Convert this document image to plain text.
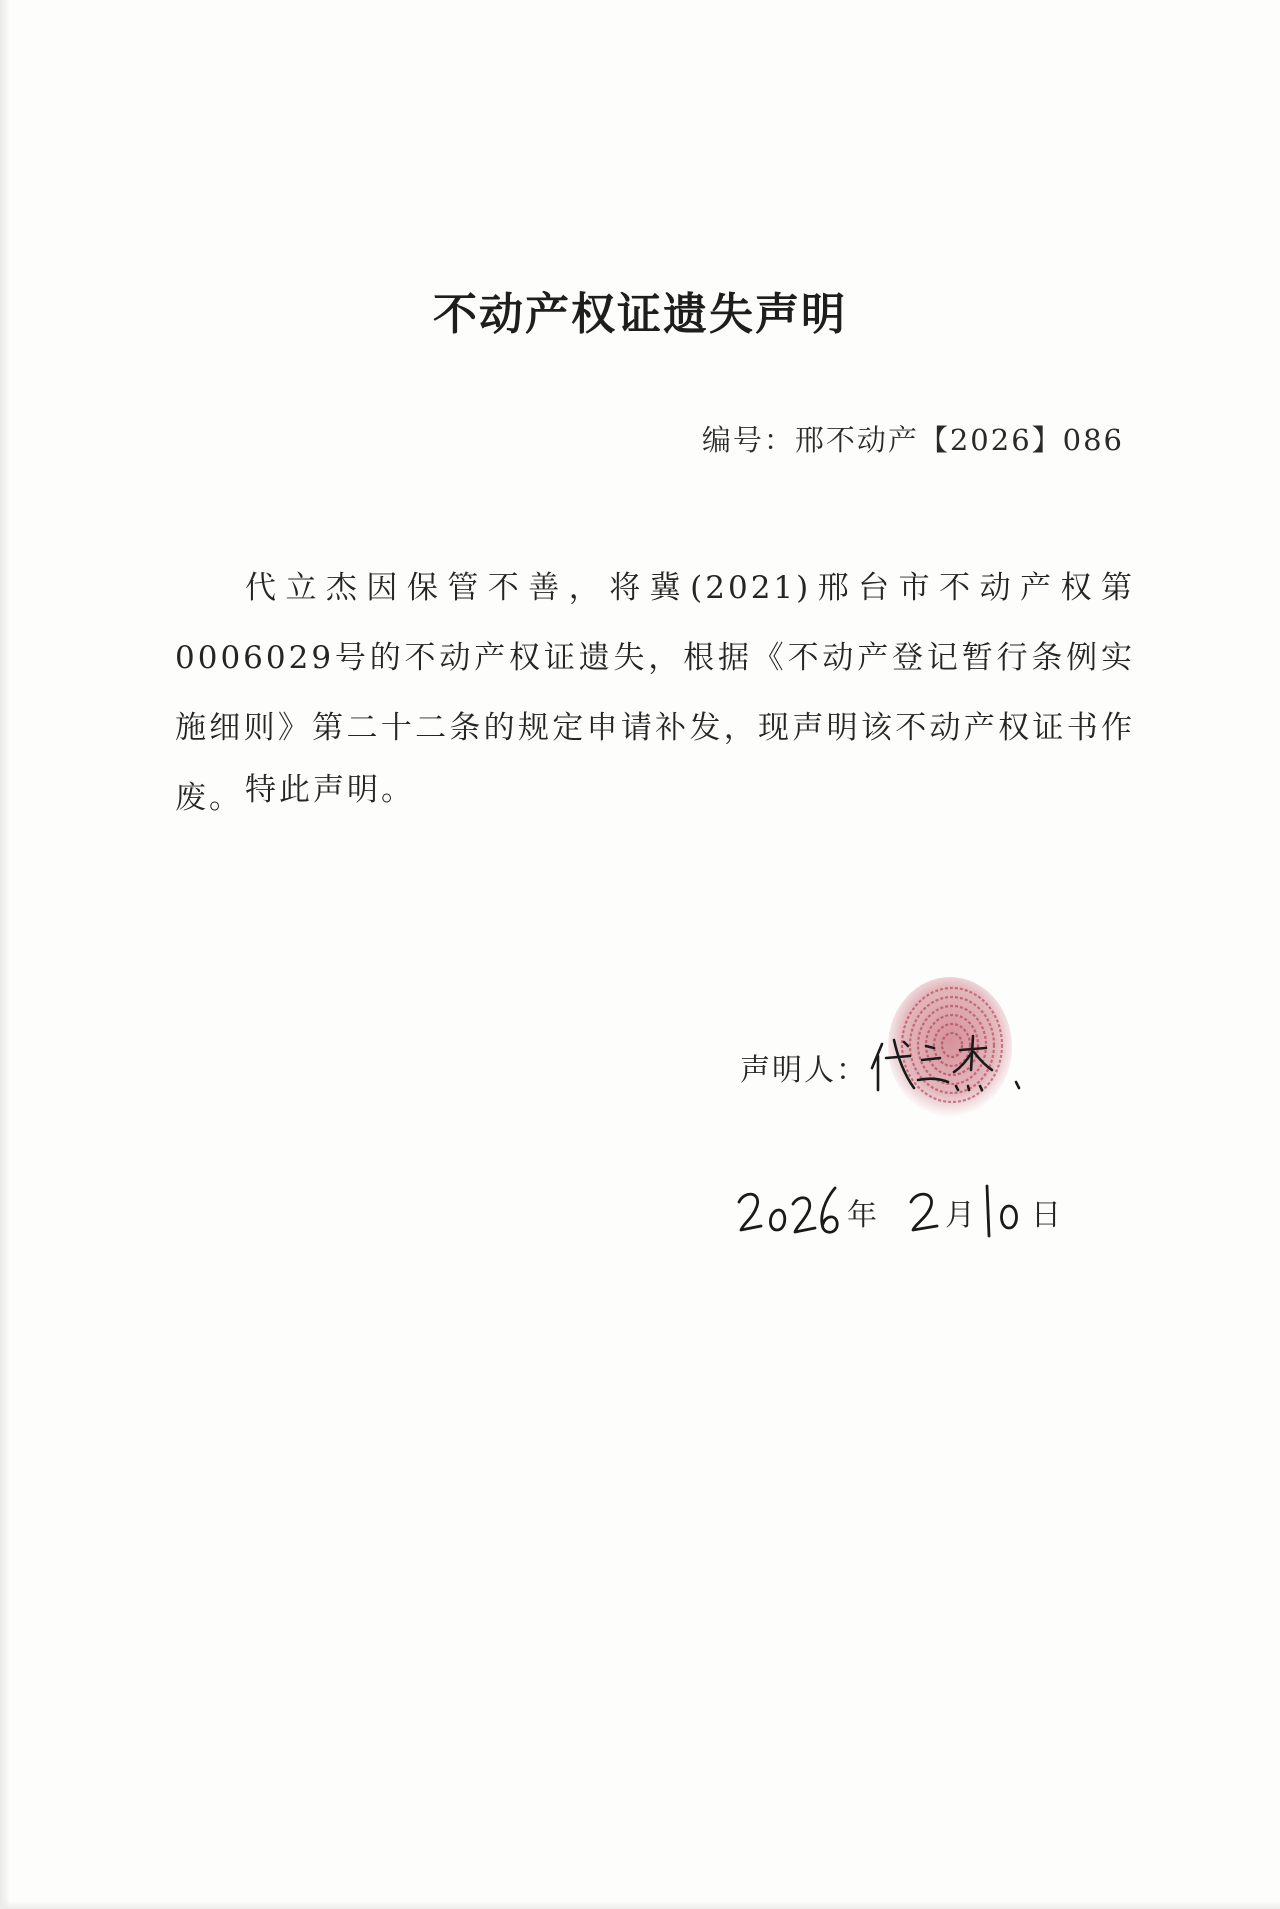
不动产权证遗失声明
编号：邢不动产【2026】086

代立杰因保管不善，将冀(2021)邢台市不动产权第0006029号的不动产权证遗失，根据《不动产登记暂行条例实施细则》第二十二条的规定申请补发，现声明该不动产权证书作废。 特此声明。
声明人：
年 月 日
